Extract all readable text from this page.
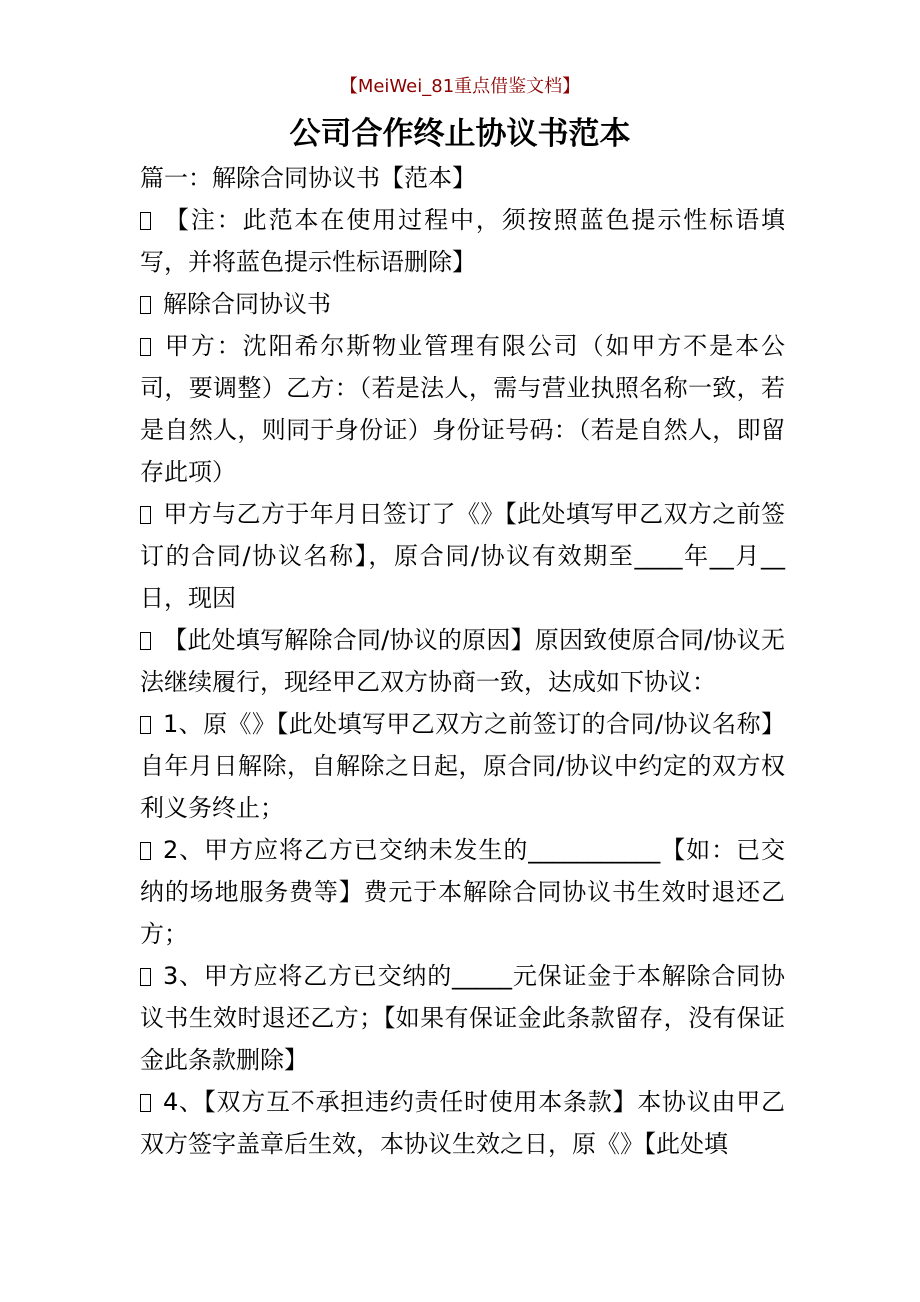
【MeiWei_81重点借鉴文档】
公司合作终止协议书范本

篇一：解除合同协议书【范本】

【注：此范本在使用过程中，须按照蓝色提示性标语填写，并将蓝色提示性标语删除】

解除合同协议书

甲方：沈阳希尔斯物业管理有限公司（如甲方不是本公司，要调整）乙方：（若是法人，需与营业执照名称一致，若是自然人，则同于身份证）身份证号码：（若是自然人，即留存此项）

甲方与乙方于年月日签订了《》【此处填写甲乙双方之前签订的合同/协议名称】，原合同/协议有效期至____年__月__日，现因

【此处填写解除合同/协议的原因】原因致使原合同/协议无法继续履行，现经甲乙双方协商一致，达成如下协议：

1、原《》【此处填写甲乙双方之前签订的合同/协议名称】自年月日解除，自解除之日起，原合同/协议中约定的双方权利义务终止；

2、甲方应将乙方已交纳未发生的___________【如：已交纳的场地服务费等】费元于本解除合同协议书生效时退还乙方；

3、甲方应将乙方已交纳的_____元保证金于本解除合同协议书生效时退还乙方；【如果有保证金此条款留存，没有保证金此条款删除】

4、【双方互不承担违约责任时使用本条款】本协议由甲乙双方签字盖章后生效，本协议生效之日，原《》【此处填
